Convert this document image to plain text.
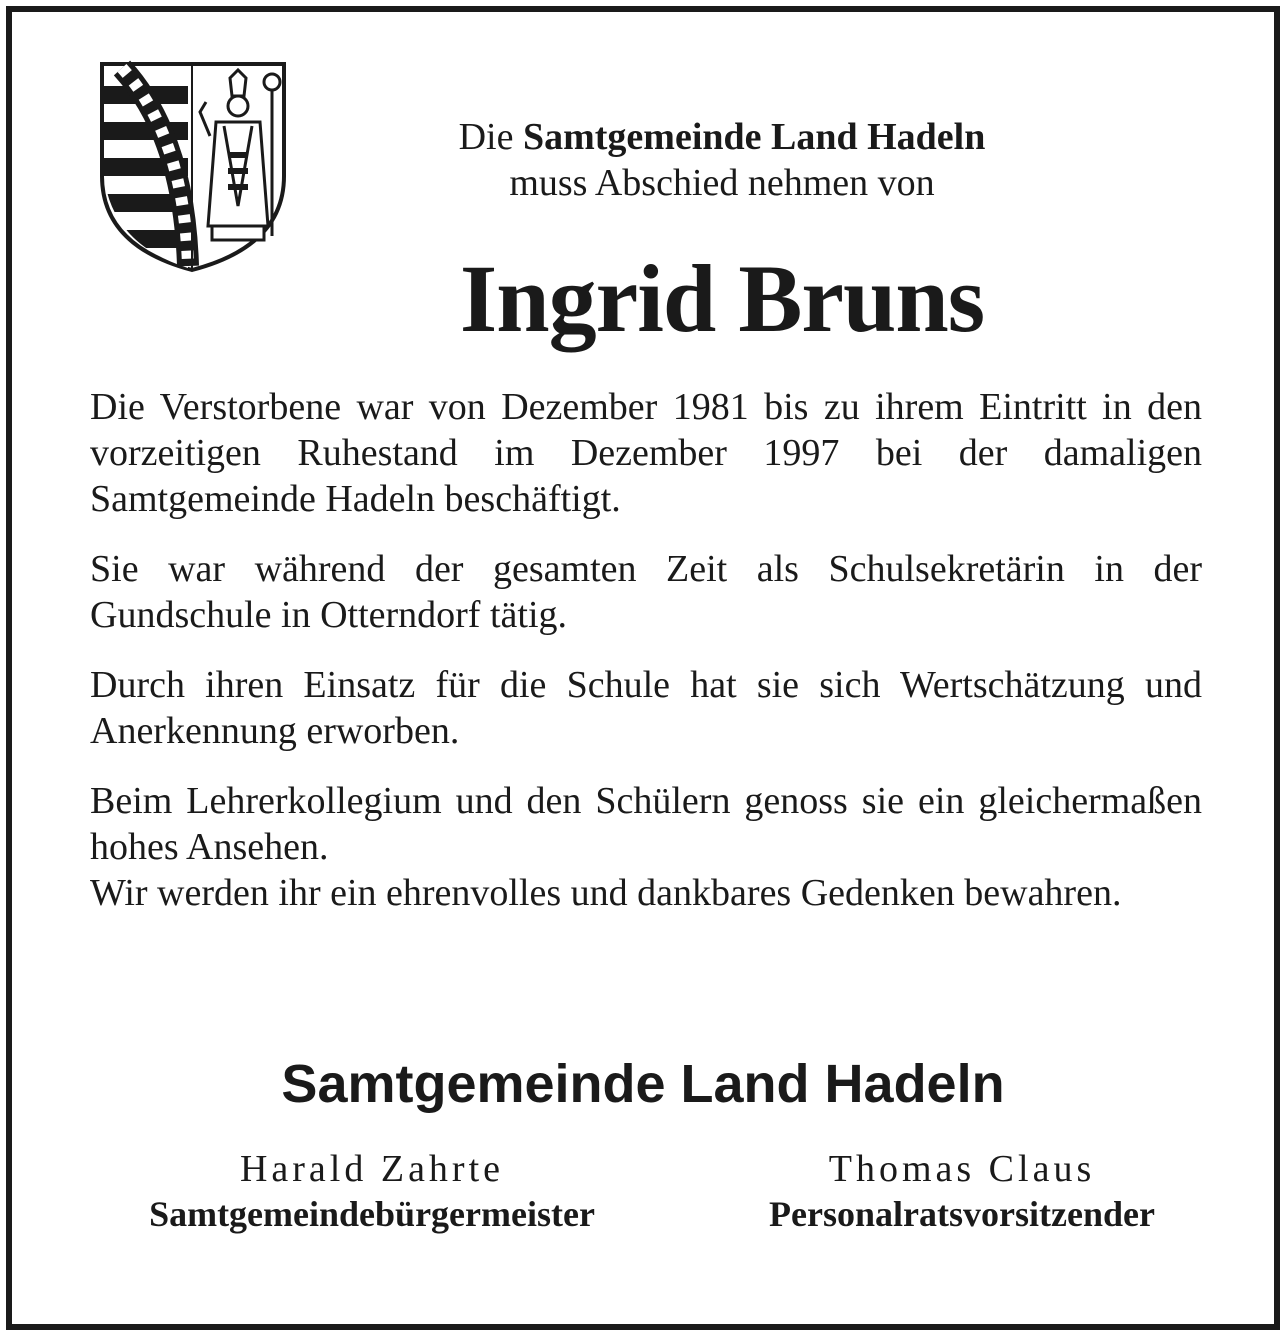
Die Samtgemeinde Land Hadeln
muss Abschied nehmen von
Ingrid Bruns

Die Verstorbene war von Dezember 1981 bis zu ihrem Eintritt in den vorzeitigen Ruhestand im Dezember 1997 bei der damaligen Samtgemeinde Hadeln beschäftigt.

Sie war während der gesamten Zeit als Schulsekretärin in der Gundschule in Otterndorf tätig.

Durch ihren Einsatz für die Schule hat sie sich Wertschätzung und Anerkennung erworben.

Beim Lehrerkollegium und den Schülern genoss sie ein gleichermaßen hohes Ansehen.

Wir werden ihr ein ehrenvolles und dankbares Gedenken bewahren.

Samtgemeinde Land Hadeln
Harald Zahrte
Samtgemeindebürgermeister
Thomas Claus
Personalratsvorsitzender
